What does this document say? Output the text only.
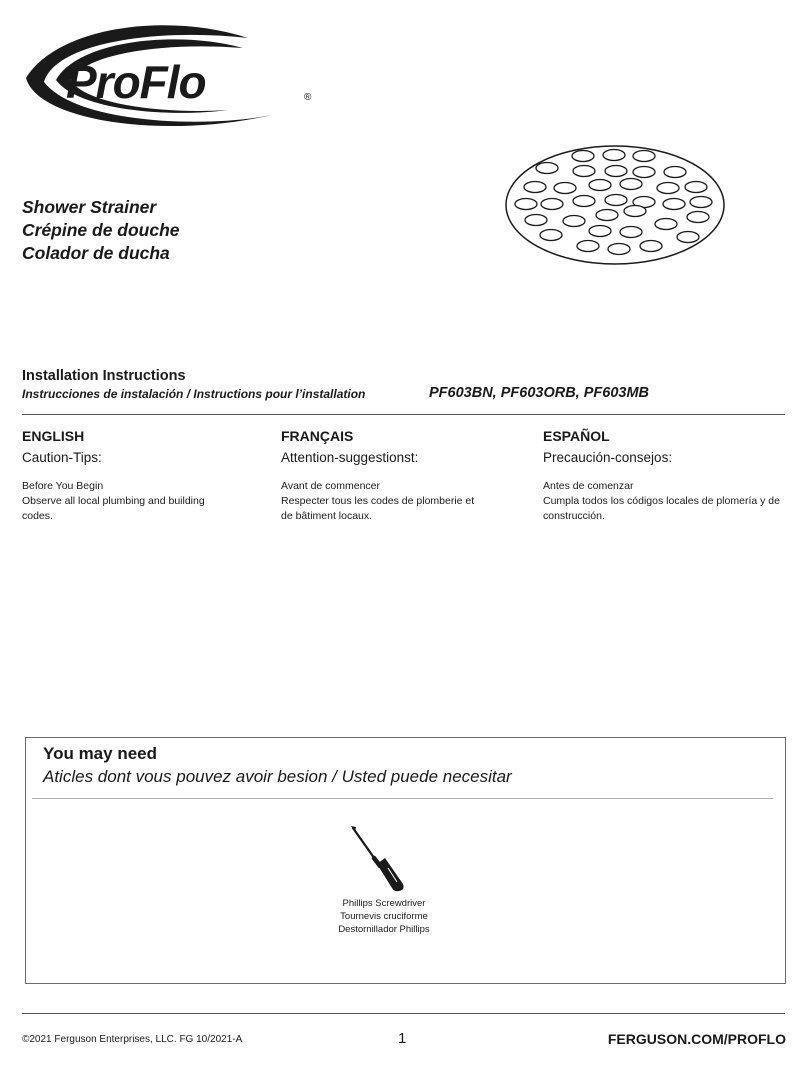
ProFlo	®
Shower Strainer
Crépine de douche
Colador de ducha
Installation Instructions
Instrucciones de instalación / Instructions pour l’installation	PF603BN, PF603ORB, PF603MB
ENGLISH
Caution-Tips:
Before You Begin
Observe all local plumbing and building codes.
FRANÇAIS
Attention-suggestionst:
Avant de commencer
Respecter tous les codes de plomberie et de bâtiment locaux.
ESPAÑOL
Precaución-consejos:
Antes de comenzar
Cumpla todos los códigos locales de plomería y de construcción.
You may need
Aticles dont vous pouvez avoir besion / Usted puede necesitar
Phillips Screwdriver
Tournevis cruciforme
Destornillador Phillips
©2021 Ferguson Enterprises, LLC. FG 10/2021-A	1	FERGUSON.COM/PROFLO
